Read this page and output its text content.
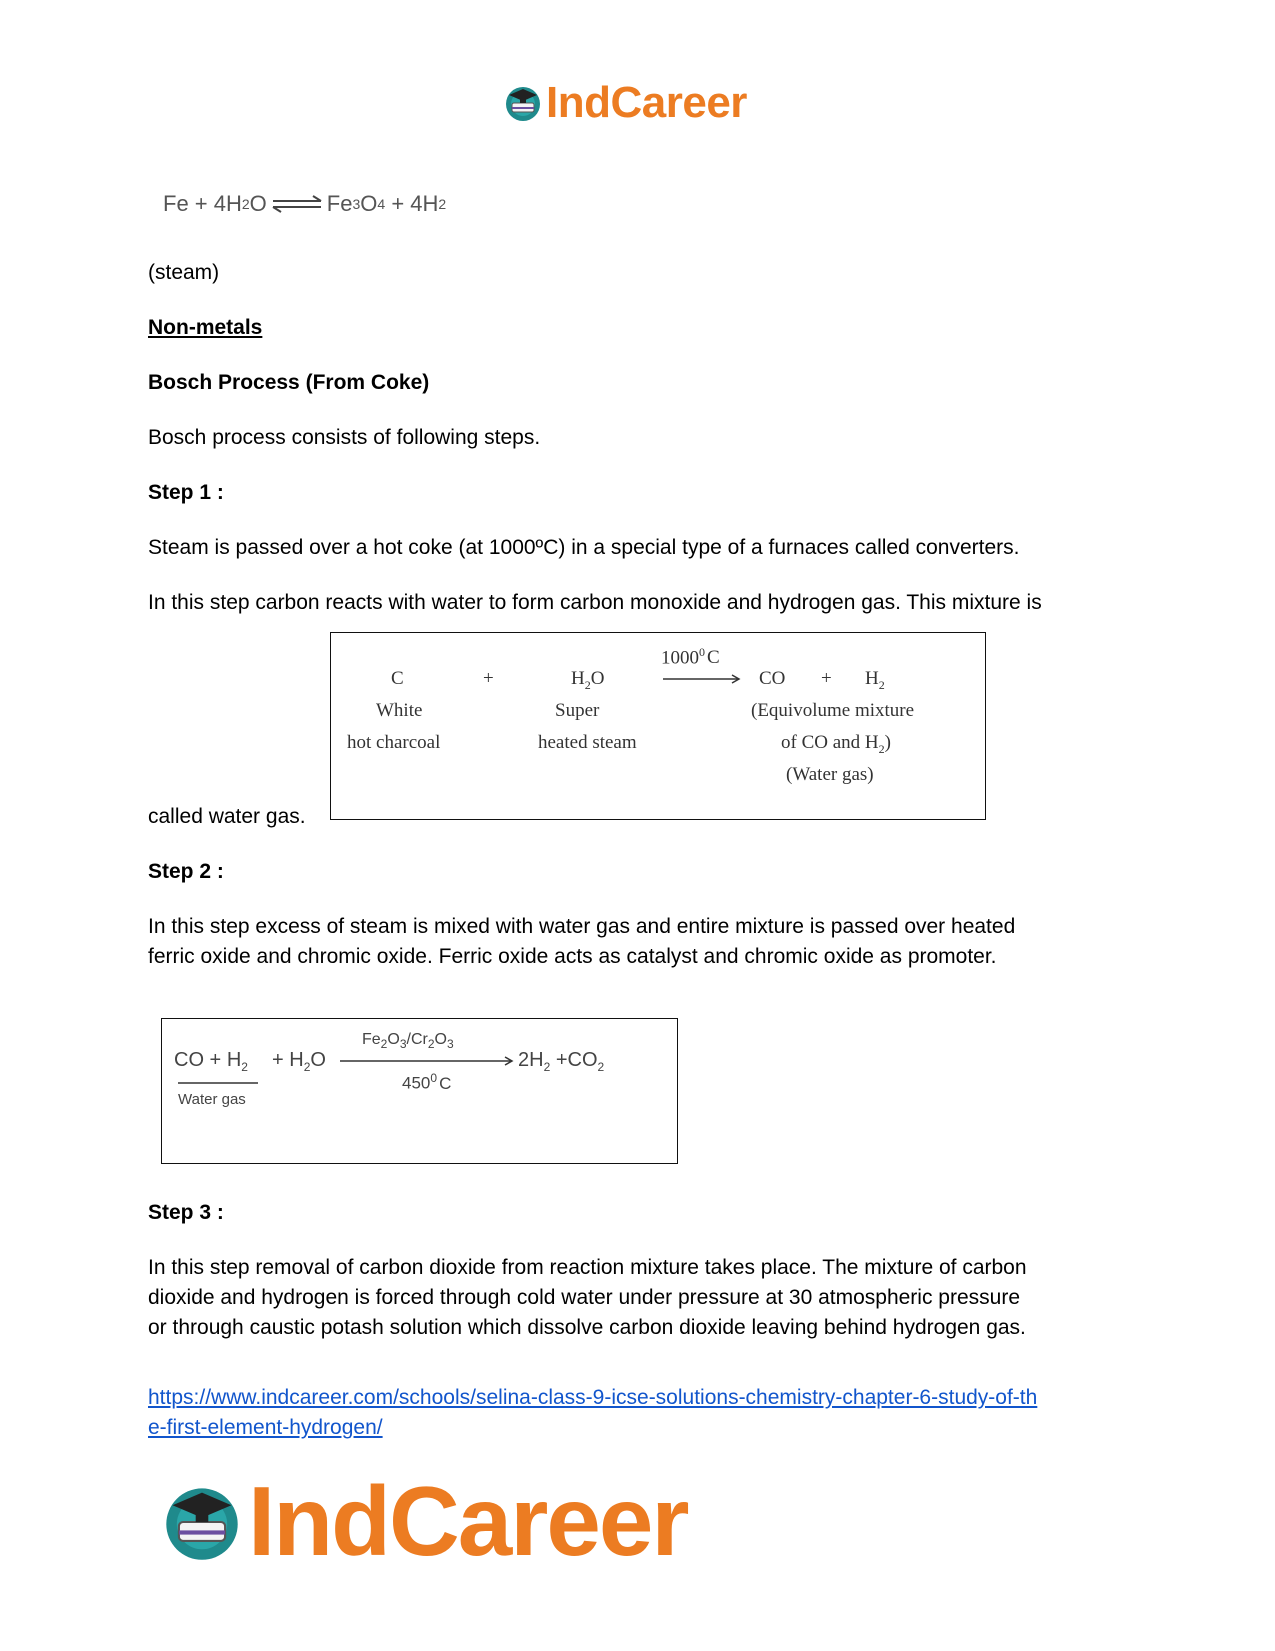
IndCareer
Fe + 4H 2 O ⇌ Fe 3 O 4 + 4H 2
(steam)
Non-metals
Bosch Process (From Coke)
Bosch process consists of following steps.
Step 1 :
Steam is passed over a hot coke (at 1000ºC) in a special type of a furnaces called converters.
In this step carbon reacts with water to form carbon monoxide and hydrogen gas. This mixture is
C
White
hot charcoal
+	$H_2O$
Super
heated steam
1000$^0$ C
CO + $H_2$
(Equivolume mixture
of CO and $H_2$)
(Water gas)
called water gas.
Step 2 :
In this step excess of steam is mixed with water gas and entire mixture is passed over heated
ferric oxide and chromic oxide. Ferric oxide acts as catalyst and chromic oxide as promoter.
CO + $H_2 + H_2O$
Water gas
$Fe_2O_3/Cr_2O_3$
$450^0$ C
$2H_2 +CO_2$
Step 3 :
In this step removal of carbon dioxide from reaction mixture takes place. The mixture of carbon
dioxide and hydrogen is forced through cold water under pressure at 30 atmospheric pressure
or through caustic potash solution which dissolve carbon dioxide leaving behind hydrogen gas.
https://www.indcareer.com/schools/selina-class-9-icse-solutions-chemistry-chapter-6-study-of-th
e-first-element-hydrogen/
IndCareer
